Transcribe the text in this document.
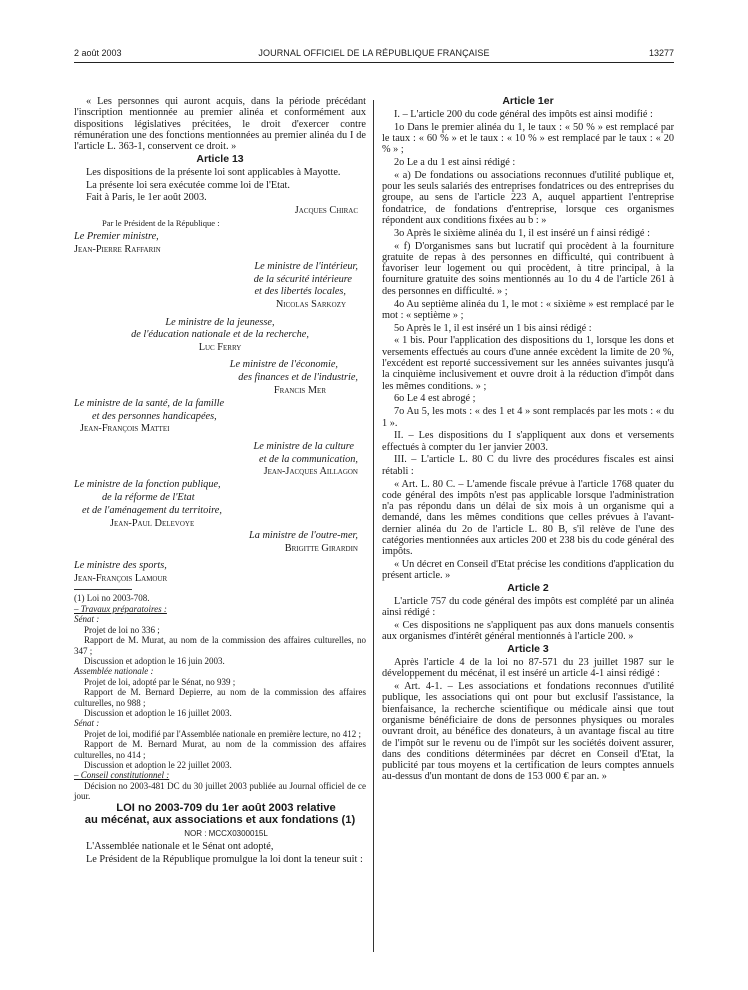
2 août 2003	JOURNAL OFFICIEL DE LA RÉPUBLIQUE FRANÇAISE	13277

« Les personnes qui auront acquis, dans la période précédant l'inscription mentionnée au premier alinéa et conformément aux dispositions législatives précitées, le droit d'exercer contre rémunération une des fonctions mentionnées au premier alinéa du I de l'article L. 363-1, conservent ce droit. »

Article 13

Les dispositions de la présente loi sont applicables à Mayotte.

La présente loi sera exécutée comme loi de l'Etat.

Fait à Paris, le 1er août 2003.

Jacques Chirac

Par le Président de la République :

Le Premier ministre,

Jean-Pierre Raffarin

Le ministre de l'intérieur,

de la sécurité intérieure

et des libertés locales,

Nicolas Sarkozy

Le ministre de la jeunesse,

de l'éducation nationale et de la recherche,

Luc Ferry

Le ministre de l'économie,

des finances et de l'industrie,

Francis Mer

Le ministre de la santé, de la famille

et des personnes handicapées,

Jean-François Mattei

Le ministre de la culture

et de la communication,

Jean-Jacques Aillagon

Le ministre de la fonction publique,

de la réforme de l'Etat

et de l'aménagement du territoire,

Jean-Paul Delevoye

La ministre de l'outre-mer,

Brigitte Girardin

Le ministre des sports,

Jean-François Lamour

(1) Loi no 2003-708.

– Travaux préparatoires :

Sénat :

Projet de loi no 336 ;

Rapport de M. Murat, au nom de la commission des affaires culturelles, no 347 ;

Discussion et adoption le 16 juin 2003.

Assemblée nationale :

Projet de loi, adopté par le Sénat, no 939 ;

Rapport de M. Bernard Depierre, au nom de la commission des affaires culturelles, no 988 ;

Discussion et adoption le 16 juillet 2003.

Sénat :

Projet de loi, modifié par l'Assemblée nationale en première lecture, no 412 ;

Rapport de M. Bernard Murat, au nom de la commission des affaires culturelles, no 414 ;

Discussion et adoption le 22 juillet 2003.

– Conseil constitutionnel :

Décision no 2003-481 DC du 30 juillet 2003 publiée au Journal officiel de ce jour.

LOI no 2003-709 du 1er août 2003 relative
au mécénat, aux associations et aux fondations (1)

NOR : MCCX0300015L

L'Assemblée nationale et le Sénat ont adopté,

Le Président de la République promulgue la loi dont la teneur suit :

Article 1er

I. – L'article 200 du code général des impôts est ainsi modifié :

1o Dans le premier alinéa du 1, le taux : « 50 % » est remplacé par le taux : « 60 % » et le taux : « 10 % » est remplacé par le taux : « 20 % » ;

2o Le a du 1 est ainsi rédigé :

« a) De fondations ou associations reconnues d'utilité publique et, pour les seuls salariés des entreprises fondatrices ou des entreprises du groupe, au sens de l'article 223 A, auquel appartient l'entreprise fondatrice, de fondations d'entreprise, lorsque ces organismes répondent aux conditions fixées au b : »

3o Après le sixième alinéa du 1, il est inséré un f ainsi rédigé :

« f) D'organismes sans but lucratif qui procèdent à la fourniture gratuite de repas à des personnes en difficulté, qui contribuent à favoriser leur logement ou qui procèdent, à titre principal, à la fourniture gratuite des soins mentionnés au 1o du 4 de l'article 261 à des personnes en difficulté. » ;

4o Au septième alinéa du 1, le mot : « sixième » est remplacé par le mot : « septième » ;

5o Après le 1, il est inséré un 1 bis ainsi rédigé :

« 1 bis. Pour l'application des dispositions du 1, lorsque les dons et versements effectués au cours d'une année excèdent la limite de 20 %, l'excédent est reporté successivement sur les années suivantes jusqu'à la cinquième inclusivement et ouvre droit à la réduction d'impôt dans les mêmes conditions. » ;

6o Le 4 est abrogé ;

7o Au 5, les mots : « des 1 et 4 » sont remplacés par les mots : « du 1 ».

II. – Les dispositions du I s'appliquent aux dons et versements effectués à compter du 1er janvier 2003.

III. – L'article L. 80 C du livre des procédures fiscales est ainsi rétabli :

« Art. L. 80 C. – L'amende fiscale prévue à l'article 1768 quater du code général des impôts n'est pas applicable lorsque l'administration n'a pas répondu dans un délai de six mois à un organisme qui a demandé, dans les mêmes conditions que celles prévues à l'avant-dernier alinéa du 2o de l'article L. 80 B, s'il relève de l'une des catégories mentionnées aux articles 200 et 238 bis du code général des impôts.

« Un décret en Conseil d'Etat précise les conditions d'application du présent article. »

Article 2

L'article 757 du code général des impôts est complété par un alinéa ainsi rédigé :

« Ces dispositions ne s'appliquent pas aux dons manuels consentis aux organismes d'intérêt général mentionnés à l'article 200. »

Article 3

Après l'article 4 de la loi no 87-571 du 23 juillet 1987 sur le développement du mécénat, il est inséré un article 4-1 ainsi rédigé :

« Art. 4-1. – Les associations et fondations reconnues d'utilité publique, les associations qui ont pour but exclusif l'assistance, la bienfaisance, la recherche scientifique ou médicale ainsi que tout organisme bénéficiaire de dons de personnes physiques ou morales ouvrant droit, au bénéfice des donateurs, à un avantage fiscal au titre de l'impôt sur le revenu ou de l'impôt sur les sociétés doivent assurer, dans des conditions déterminées par décret en Conseil d'Etat, la publicité par tous moyens et la certification de leurs comptes annuels au-dessus d'un montant de dons de 153 000 € par an. »
